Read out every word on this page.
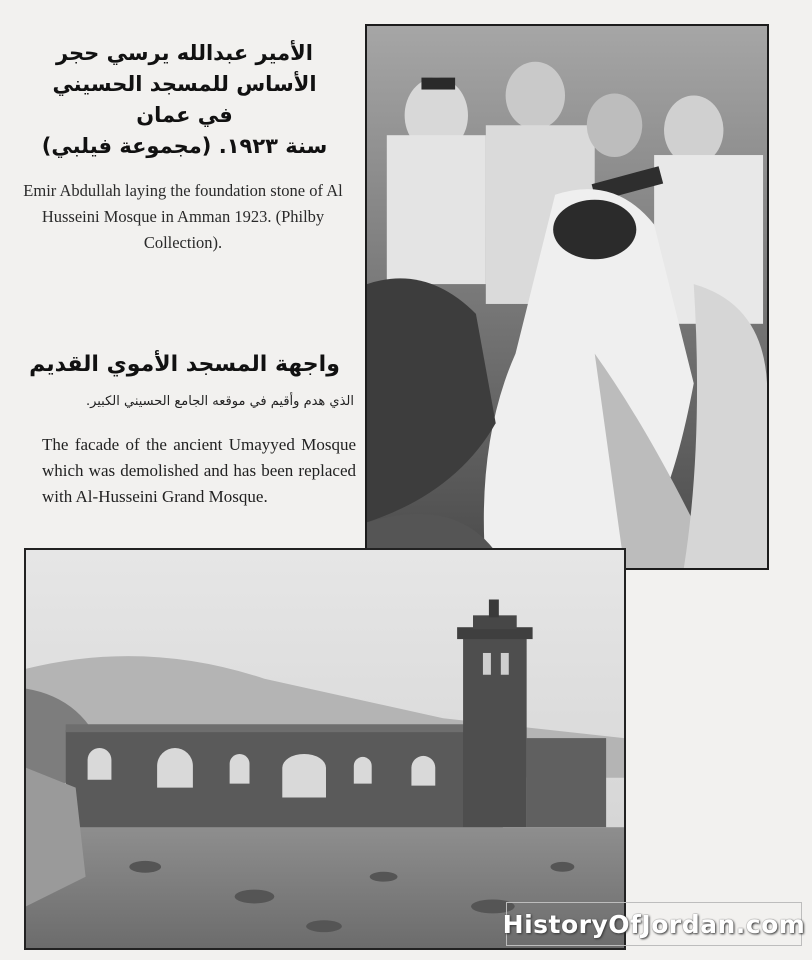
الأمير عبدالله يرسي حجر
الأساس للمسجد الحسيني
في عمان
سنة ١٩٢٣. (مجموعة فيلبي)
Emir Abdullah laying the foundation stone of Al Husseini Mosque in Amman 1923. (Philby Collection).
واجهة المسجد الأموي القديم
الذي هدم وأقيم في موقعه الجامع الحسيني الكبير.
The facade of the ancient Umayyed Mosque which was demolished and has been replaced with Al-Husseini Grand Mosque.
HistoryOfJordan.com
